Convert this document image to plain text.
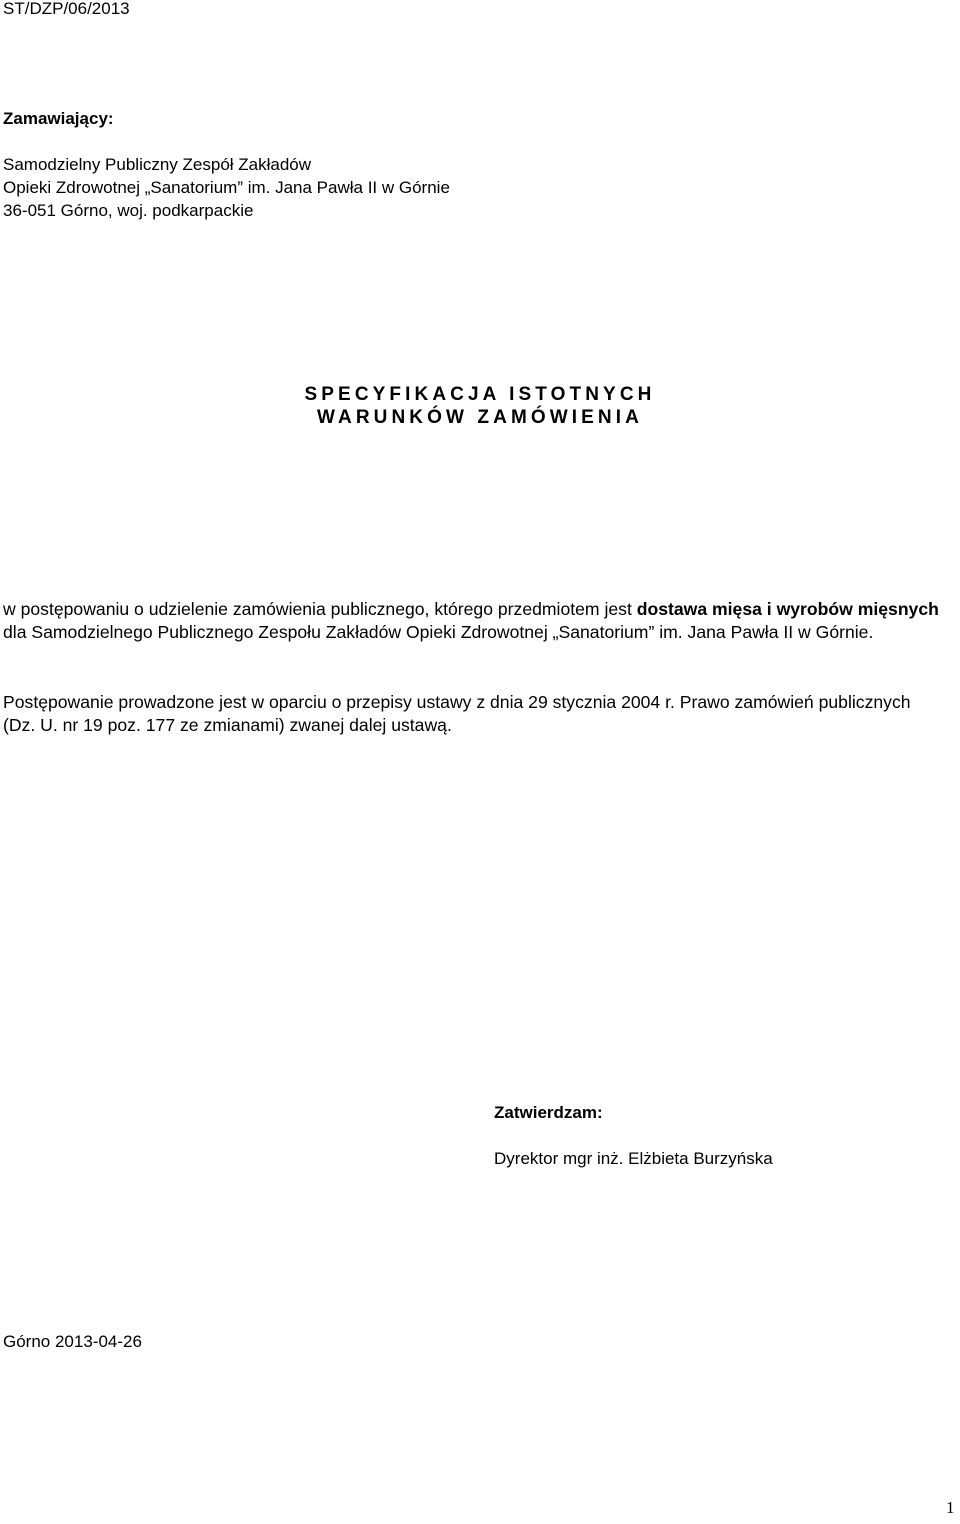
ST/DZP/06/2013
Zamawiający:
Samodzielny Publiczny Zespół Zakładów
Opieki Zdrowotnej „Sanatorium” im. Jana Pawła II w Górnie
36-051 Górno, woj. podkarpackie
SPECYFIKACJA ISTOTNYCH
WARUNKÓW ZAMÓWIENIA
w postępowaniu o udzielenie zamówienia publicznego, którego przedmiotem jest dostawa mięsa i wyrobów mięsnych dla Samodzielnego Publicznego Zespołu Zakładów Opieki Zdrowotnej „Sanatorium” im. Jana Pawła II w Górnie.
Postępowanie prowadzone jest w oparciu o przepisy ustawy z dnia 29 stycznia 2004 r. Prawo zamówień publicznych (Dz. U. nr 19 poz. 177 ze zmianami) zwanej dalej ustawą.
Zatwierdzam:
Dyrektor mgr inż. Elżbieta Burzyńska
Górno 2013-04-26
1
